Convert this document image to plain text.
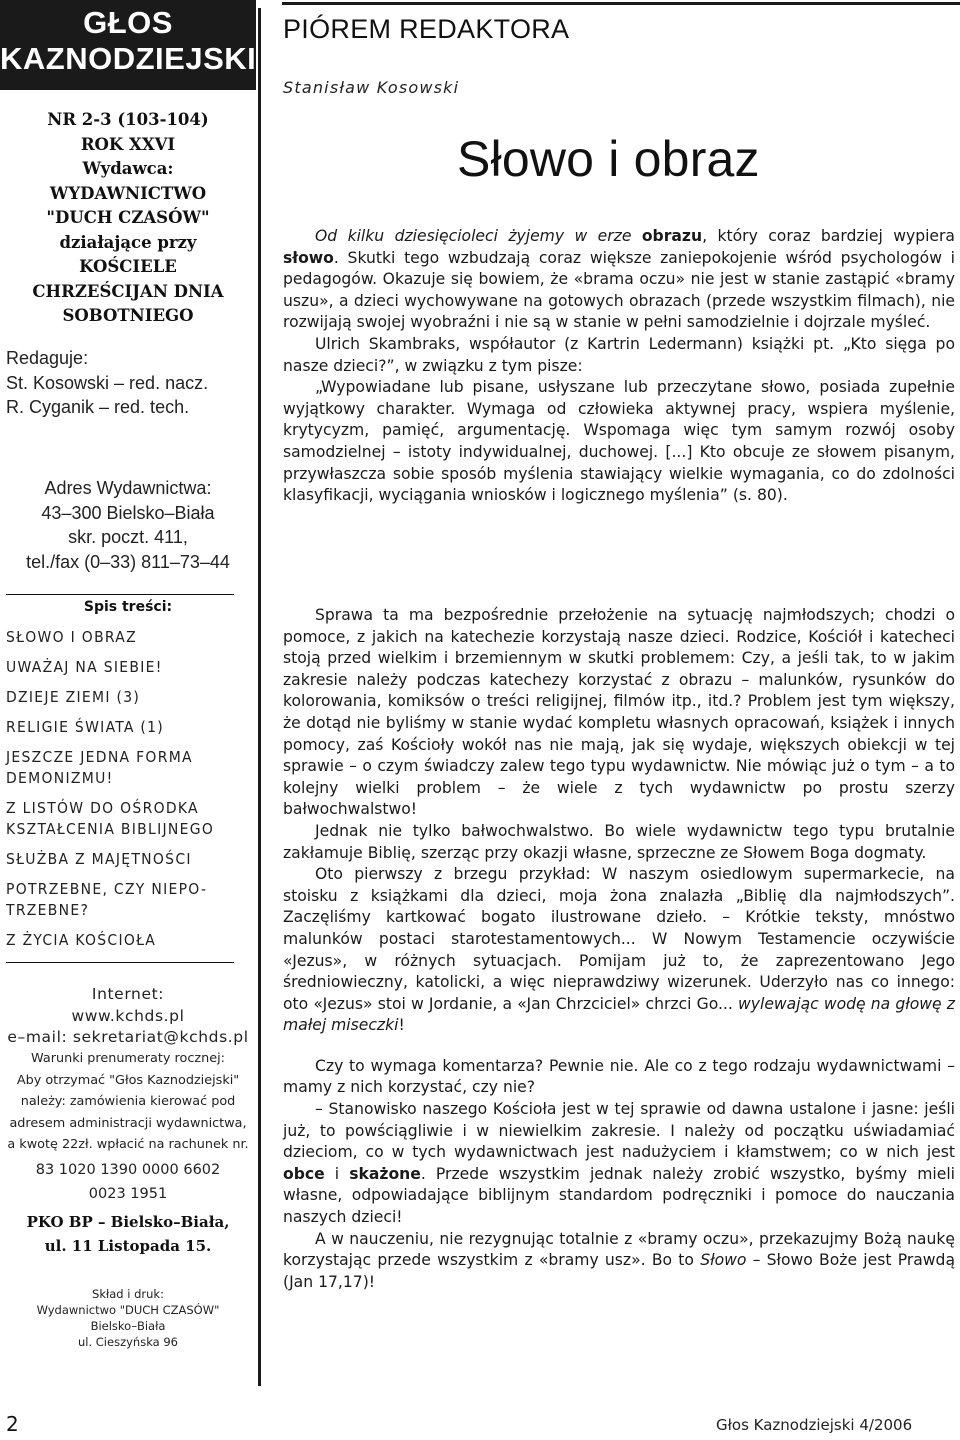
GŁOS
KAZNODZIEJSKI
NR 2-3 (103-104)
ROK XXVI
Wydawca:
WYDAWNICTWO
"DUCH CZASÓW"
działające przy
KOŚCIELE
CHRZEŚCIJAN DNIA
SOBOTNIEGO
Redaguje:
St. Kosowski – red. nacz.
R. Cyganik – red. tech.
Adres Wydawnictwa:
43–300 Bielsko–Biała
skr. poczt. 411,
tel./fax (0–33) 811–73–44
Spis treści:
SŁOWO I OBRAZ
UWAŻAJ NA SIEBIE!
DZIEJE ZIEMI (3)
RELIGIE ŚWIATA (1)
JESZCZE JEDNA FORMA DEMONIZMU!
Z LISTÓW DO OŚRODKA KSZTAŁCENIA BIBLIJNEGO
SŁUŻBA Z MAJĘTNOŚCI
POTRZEBNE, CZY NIEPO-TRZEBNE?
Z ŻYCIA KOŚCIOŁA
Internet:
www.kchds.pl
e–mail: sekretariat@kchds.pl
Warunki prenumeraty rocznej:
Aby otrzymać "Głos Kaznodziejski"
należy: zamówienia kierować pod
adresem administracji wydawnictwa,
a kwotę 22zł. wpłacić na rachunek nr.
83 1020 1390 0000 6602
0023 1951
PKO BP – Bielsko–Biała,
ul. 11 Listopada 15.
Skład i druk:
Wydawnictwo "DUCH CZASÓW"
Bielsko–Biała
ul. Cieszyńska 96
PIÓREM REDAKTORA
Stanisław Kosowski
Słowo i obraz

Od kilku dziesięcioleci żyjemy w erze obrazu, który coraz bardziej wypiera słowo. Skutki tego wzbudzają coraz większe zaniepokojenie wśród psychologów i pedagogów. Okazuje się bowiem, że «brama oczu» nie jest w stanie zastąpić «bramy uszu», a dzieci wychowywane na gotowych obrazach (przede wszystkim filmach), nie rozwijają swojej wyobraźni i nie są w stanie w pełni samodzielnie i dojrzale myśleć.

Ulrich Skambraks, współautor (z Kartrin Ledermann) książki pt. „Kto sięga po nasze dzieci?”, w związku z tym pisze:

„Wypowiadane lub pisane, usłyszane lub przeczytane słowo, posiada zupełnie wyjątkowy charakter. Wymaga od człowieka aktywnej pracy, wspiera myślenie, krytycyzm, pamięć, argumentację. Wspomaga więc tym samym rozwój osoby samodzielnej – istoty indywidualnej, duchowej. [...] Kto obcuje ze słowem pisanym, przywłaszcza sobie sposób myślenia stawiający wielkie wymagania, co do zdolności klasyfikacji, wyciągania wniosków i logicznego myślenia” (s. 80).

Sprawa ta ma bezpośrednie przełożenie na sytuację najmłodszych; chodzi o pomoce, z jakich na katechezie korzystają nasze dzieci. Rodzice, Kościół i katecheci stoją przed wielkim i brzemiennym w skutki problemem: Czy, a jeśli tak, to w jakim zakresie należy podczas katechezy korzystać z obrazu – malunków, rysunków do kolorowania, komiksów o treści religijnej, filmów itp., itd.? Problem jest tym większy, że dotąd nie byliśmy w stanie wydać kompletu własnych opracowań, książek i innych pomocy, zaś Kościoły wokół nas nie mają, jak się wydaje, większych obiekcji w tej sprawie – o czym świadczy zalew tego typu wydawnictw. Nie mówiąc już o tym – a to kolejny wielki problem – że wiele z tych wydawnictw po prostu szerzy bałwochwalstwo!

Jednak nie tylko bałwochwalstwo. Bo wiele wydawnictw tego typu brutalnie zakłamuje Biblię, szerząc przy okazji własne, sprzeczne ze Słowem Boga dogmaty.

Oto pierwszy z brzegu przykład: W naszym osiedlowym supermarkecie, na stoisku z książkami dla dzieci, moja żona znalazła „Biblię dla najmłodszych”. Zaczęliśmy kartkować bogato ilustrowane dzieło. – Krótkie teksty, mnóstwo malunków postaci starotestamentowych... W Nowym Testamencie oczywiście «Jezus», w różnych sytuacjach. Pomijam już to, że zaprezentowano Jego średniowieczny, katolicki, a więc nieprawdziwy wizerunek. Uderzyło nas co innego: oto «Jezus» stoi w Jordanie, a «Jan Chrzciciel» chrzci Go... wylewając wodę na głowę z małej miseczki!

Czy to wymaga komentarza? Pewnie nie. Ale co z tego rodzaju wydawnictwami – mamy z nich korzystać, czy nie?

– Stanowisko naszego Kościoła jest w tej sprawie od dawna ustalone i jasne: jeśli już, to powściągliwie i w niewielkim zakresie. I należy od początku uświadamiać dzieciom, co w tych wydawnictwach jest nadużyciem i kłamstwem; co w nich jest obce i skażone. Przede wszystkim jednak należy zrobić wszystko, byśmy mieli własne, odpowiadające biblijnym standardom podręczniki i pomoce do nauczania naszych dzieci!

A w nauczeniu, nie rezygnując totalnie z «bramy oczu», przekazujmy Bożą naukę korzystając przede wszystkim z «bramy usz». Bo to Słowo – Słowo Boże jest Prawdą (Jan 17,17)!

2	Głos Kaznodziejski 4/2006
